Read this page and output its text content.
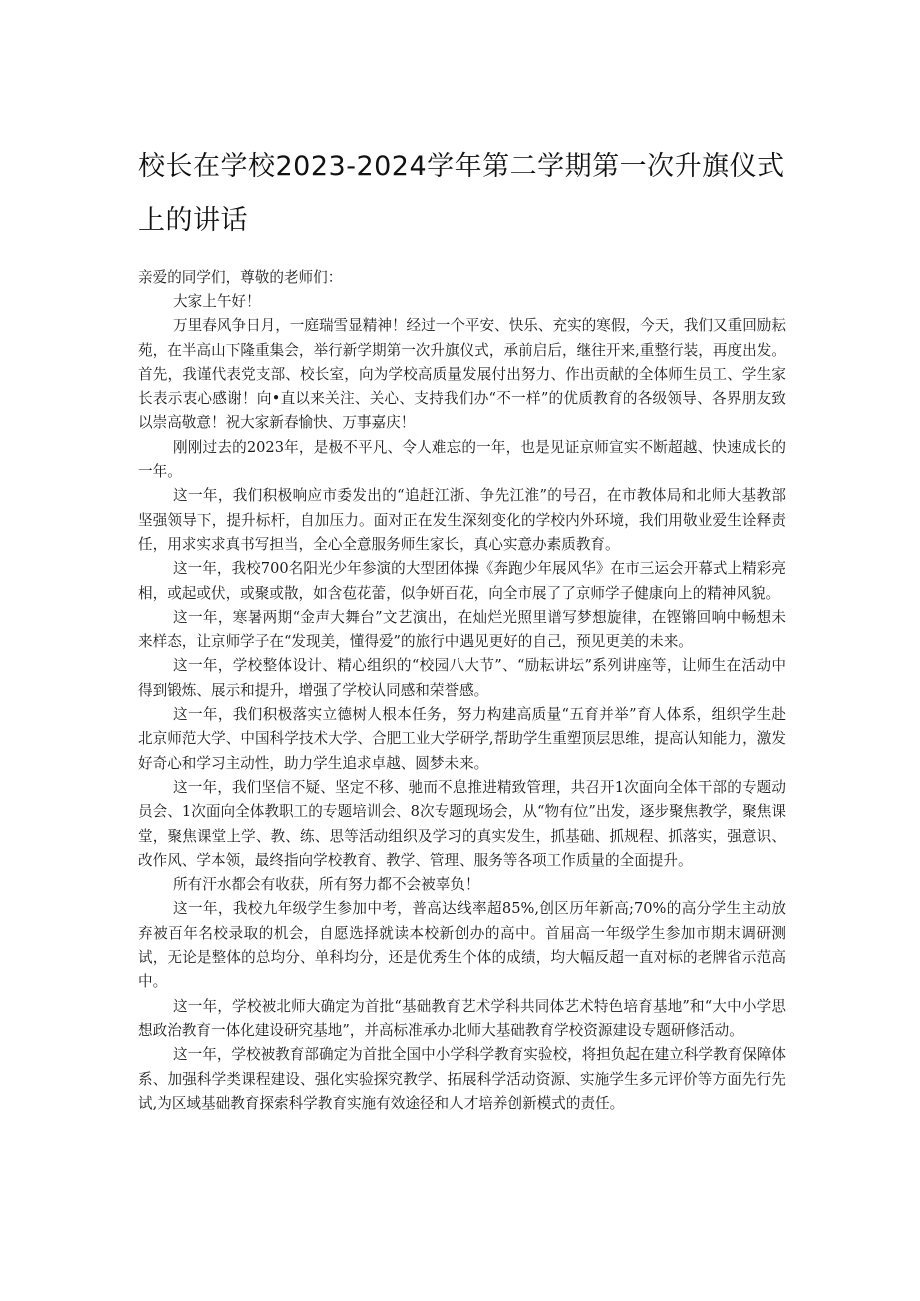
校长在学校2023-2024学年第二学期第一次升旗仪式上的讲话

亲爱的同学们，尊敬的老师们：

大家上午好！

万里春风争日月，一庭瑞雪显精神！经过一个平安、快乐、充实的寒假，今天，我们又重回励耘苑，在半高山下隆重集会，举行新学期第一次升旗仪式，承前启后，继往开来,重整行装，再度出发。首先，我谨代表党支部、校长室，向为学校高质量发展付出努力、作出贡献的全体师生员工、学生家长表示衷心感谢！向•直以来关注、关心、支持我们办“不一样”的优质教育的各级领导、各界朋友致以崇高敬意！祝大家新春愉快、万事嘉庆！

刚刚过去的2023年，是极不平凡、令人难忘的一年，也是见证京师宣实不断超越、快速成长的一年。

这一年，我们积极响应市委发出的“追赶江浙、争先江淮”的号召，在市教体局和北师大基教部坚强领导下，提升标杆，自加压力。面对正在发生深刻变化的学校内外环境，我们用敬业爱生诠释责任，用求实求真书写担当，全心全意服务师生家长，真心实意办素质教育。

这一年，我校700名阳光少年参演的大型团体操《奔跑少年展风华》在市三运会开幕式上精彩亮相，或起或伏，或聚或散，如含苞花蕾，似争妍百花，向全市展了了京师学子健康向上的精神风貌。

这一年，寒暑两期“金声大舞台”文艺演出，在灿烂光照里谱写梦想旋律，在铿锵回响中畅想未来样态，让京师学子在“发现美，懂得爱”的旅行中遇见更好的自己，预见更美的未来。

这一年，学校整体设计、精心组织的“校园八大节”、“励耘讲坛”系列讲座等，让师生在活动中得到锻炼、展示和提升，增强了学校认同感和荣誉感。

这一年，我们积极落实立德树人根本任务，努力构建高质量“五育并举”育人体系，组织学生赴北京师范大学、中国科学技术大学、合肥工业大学研学,帮助学生重塑顶层思维，提高认知能力，激发好奇心和学习主动性，助力学生追求卓越、圆梦未来。

这一年，我们坚信不疑、坚定不移、驰而不息推进精致管理，共召开1次面向全体干部的专题动员会、1次面向全体教职工的专题培训会、8次专题现场会，从“物有位”出发，逐步聚焦教学，聚焦课堂，聚焦课堂上学、教、练、思等活动组织及学习的真实发生，抓基础、抓规程、抓落实，强意识、改作风、学本领，最终指向学校教育、教学、管理、服务等各项工作质量的全面提升。

所有汗水都会有收获，所有努力都不会被辜负！

这一年，我校九年级学生参加中考，普高达线率超85%,创区历年新高;70%的高分学生主动放弃被百年名校录取的机会，自愿选择就读本校新创办的高中。首届高一年级学生参加市期末调研测试，无论是整体的总均分、单科均分，还是优秀生个体的成绩，均大幅反超一直对标的老牌省示范高中。

这一年，学校被北师大确定为首批“基础教育艺术学科共同体艺术特色培育基地”和“大中小学思想政治教育一体化建设研究基地”，并高标准承办北师大基础教育学校资源建设专题研修活动。

这一年，学校被教育部确定为首批全国中小学科学教育实验校，将担负起在建立科学教育保障体系、加强科学类课程建设、强化实验探究教学、拓展科学活动资源、实施学生多元评价等方面先行先试,为区域基础教育探索科学教育实施有效途径和人才培养创新模式的责任。
